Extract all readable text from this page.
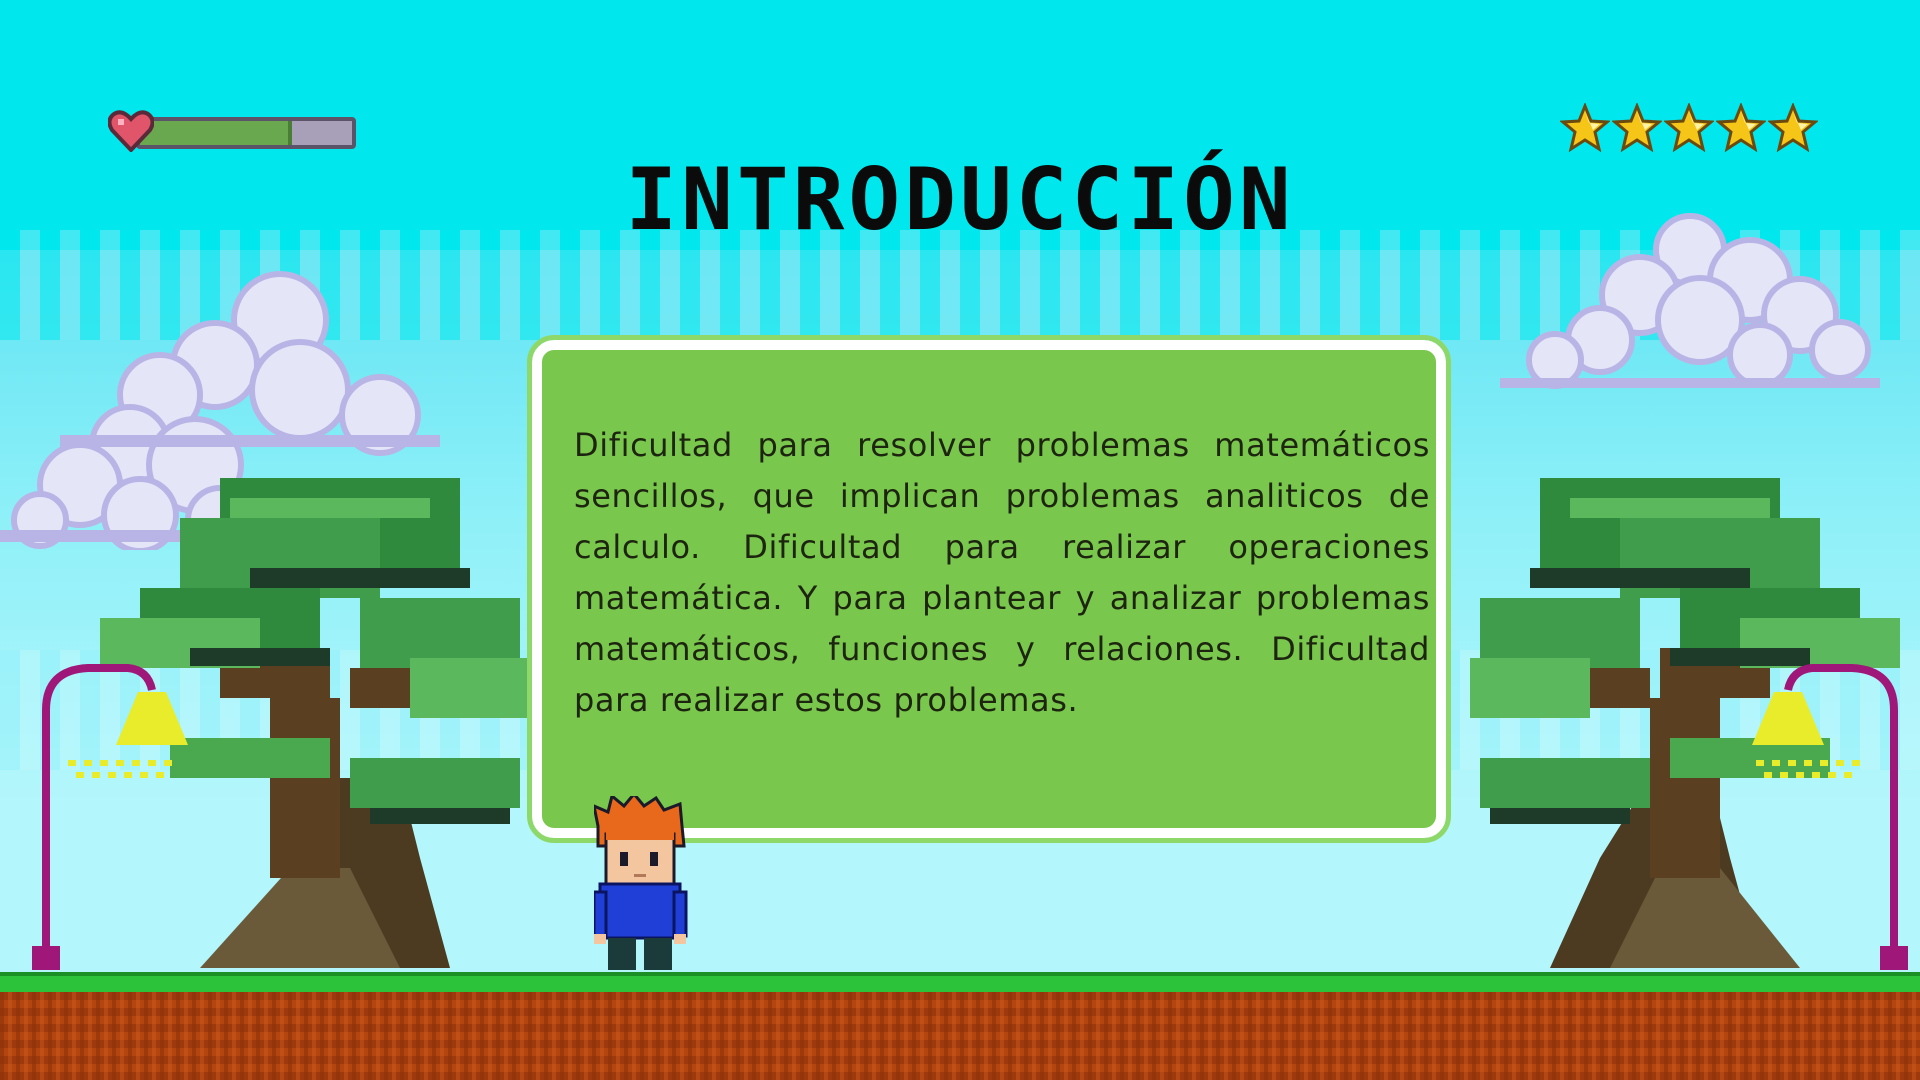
INTRODUCCIÓN
Dificultad para resolver problemas matemáticos sencillos, que implican problemas analiticos de calculo. Dificultad para realizar operaciones matemática. Y para plantear y analizar problemas matemáticos, funciones y relaciones. Dificultad para realizar estos problemas.
